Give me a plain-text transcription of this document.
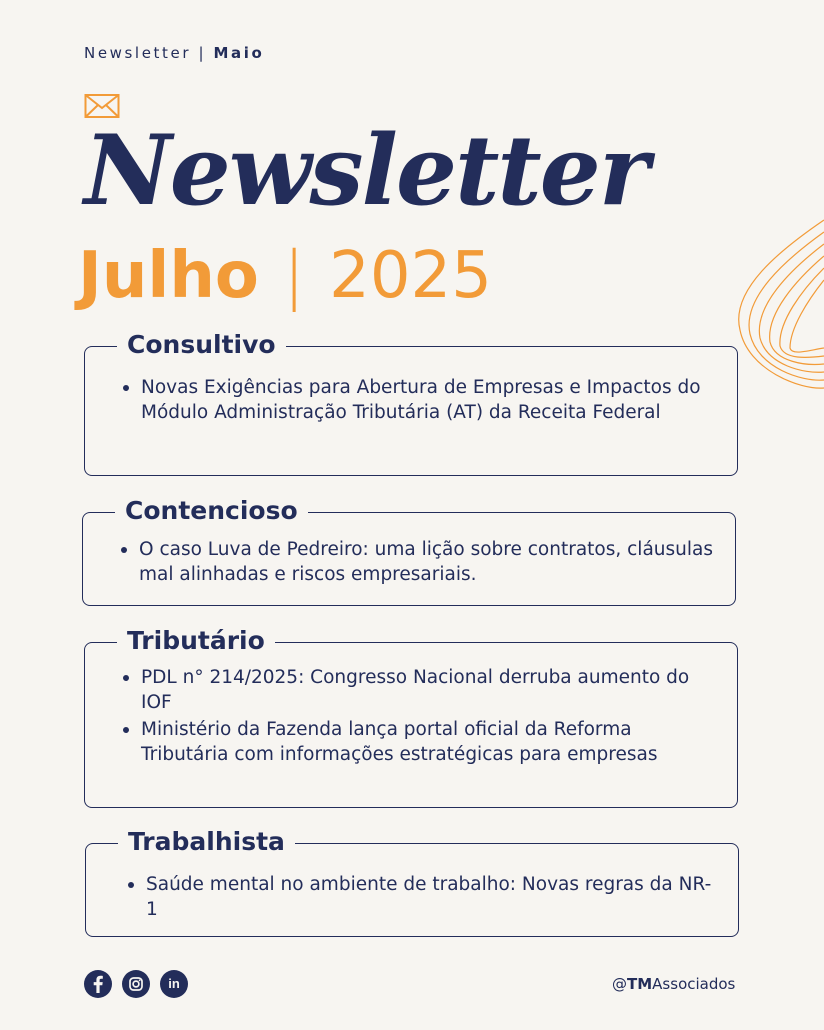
Newsletter | Maio
Newsletter
Julho | 2025
Consultivo
Novas Exigências para Abertura de Empresas e Impactos do Módulo Administração Tributária (AT) da Receita Federal
Contencioso
O caso Luva de Pedreiro: uma lição sobre contratos, cláusulas mal alinhadas e riscos empresariais.
Tributário
PDL n° 214/2025: Congresso Nacional derruba aumento do IOF
Ministério da Fazenda lança portal oficial da Reforma Tributária com informações estratégicas para empresas
Trabalhista
Saúde mental no ambiente de trabalho: Novas regras da NR-1
in	@TMAssociados
